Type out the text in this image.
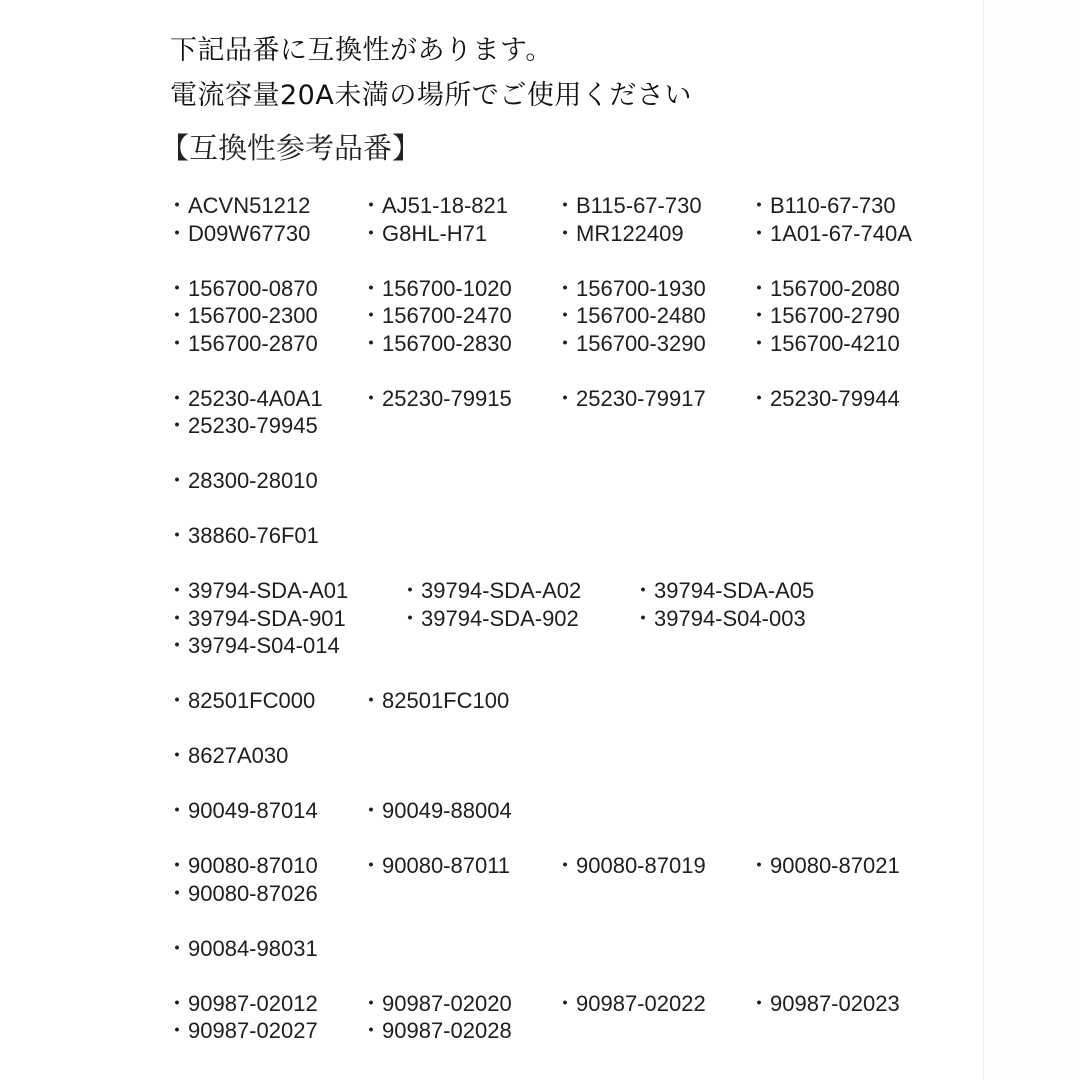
下記品番に互換性があります。
電流容量20A未満の場所でご使用ください
【互換性参考品番】
・ACVN51212	・AJ51-18-821	・B115-67-730	・B110-67-730
・D09W67730	・G8HL-H71	・MR122409	・1A01-67-740A
・156700-0870	・156700-1020	・156700-1930	・156700-2080
・156700-2300	・156700-2470	・156700-2480	・156700-2790
・156700-2870	・156700-2830	・156700-3290	・156700-4210
・25230-4A0A1	・25230-79915	・25230-79917	・25230-79944
・25230-79945
・28300-28010
・38860-76F01
・39794-SDA-A01	・39794-SDA-A02	・39794-SDA-A05
・39794-SDA-901	・39794-SDA-902	・39794-S04-003
・39794-S04-014
・82501FC000	・82501FC100
・8627A030
・90049-87014	・90049-88004
・90080-87010	・90080-87011	・90080-87019	・90080-87021
・90080-87026
・90084-98031
・90987-02012	・90987-02020	・90987-02022	・90987-02023
・90987-02027	・90987-02028
